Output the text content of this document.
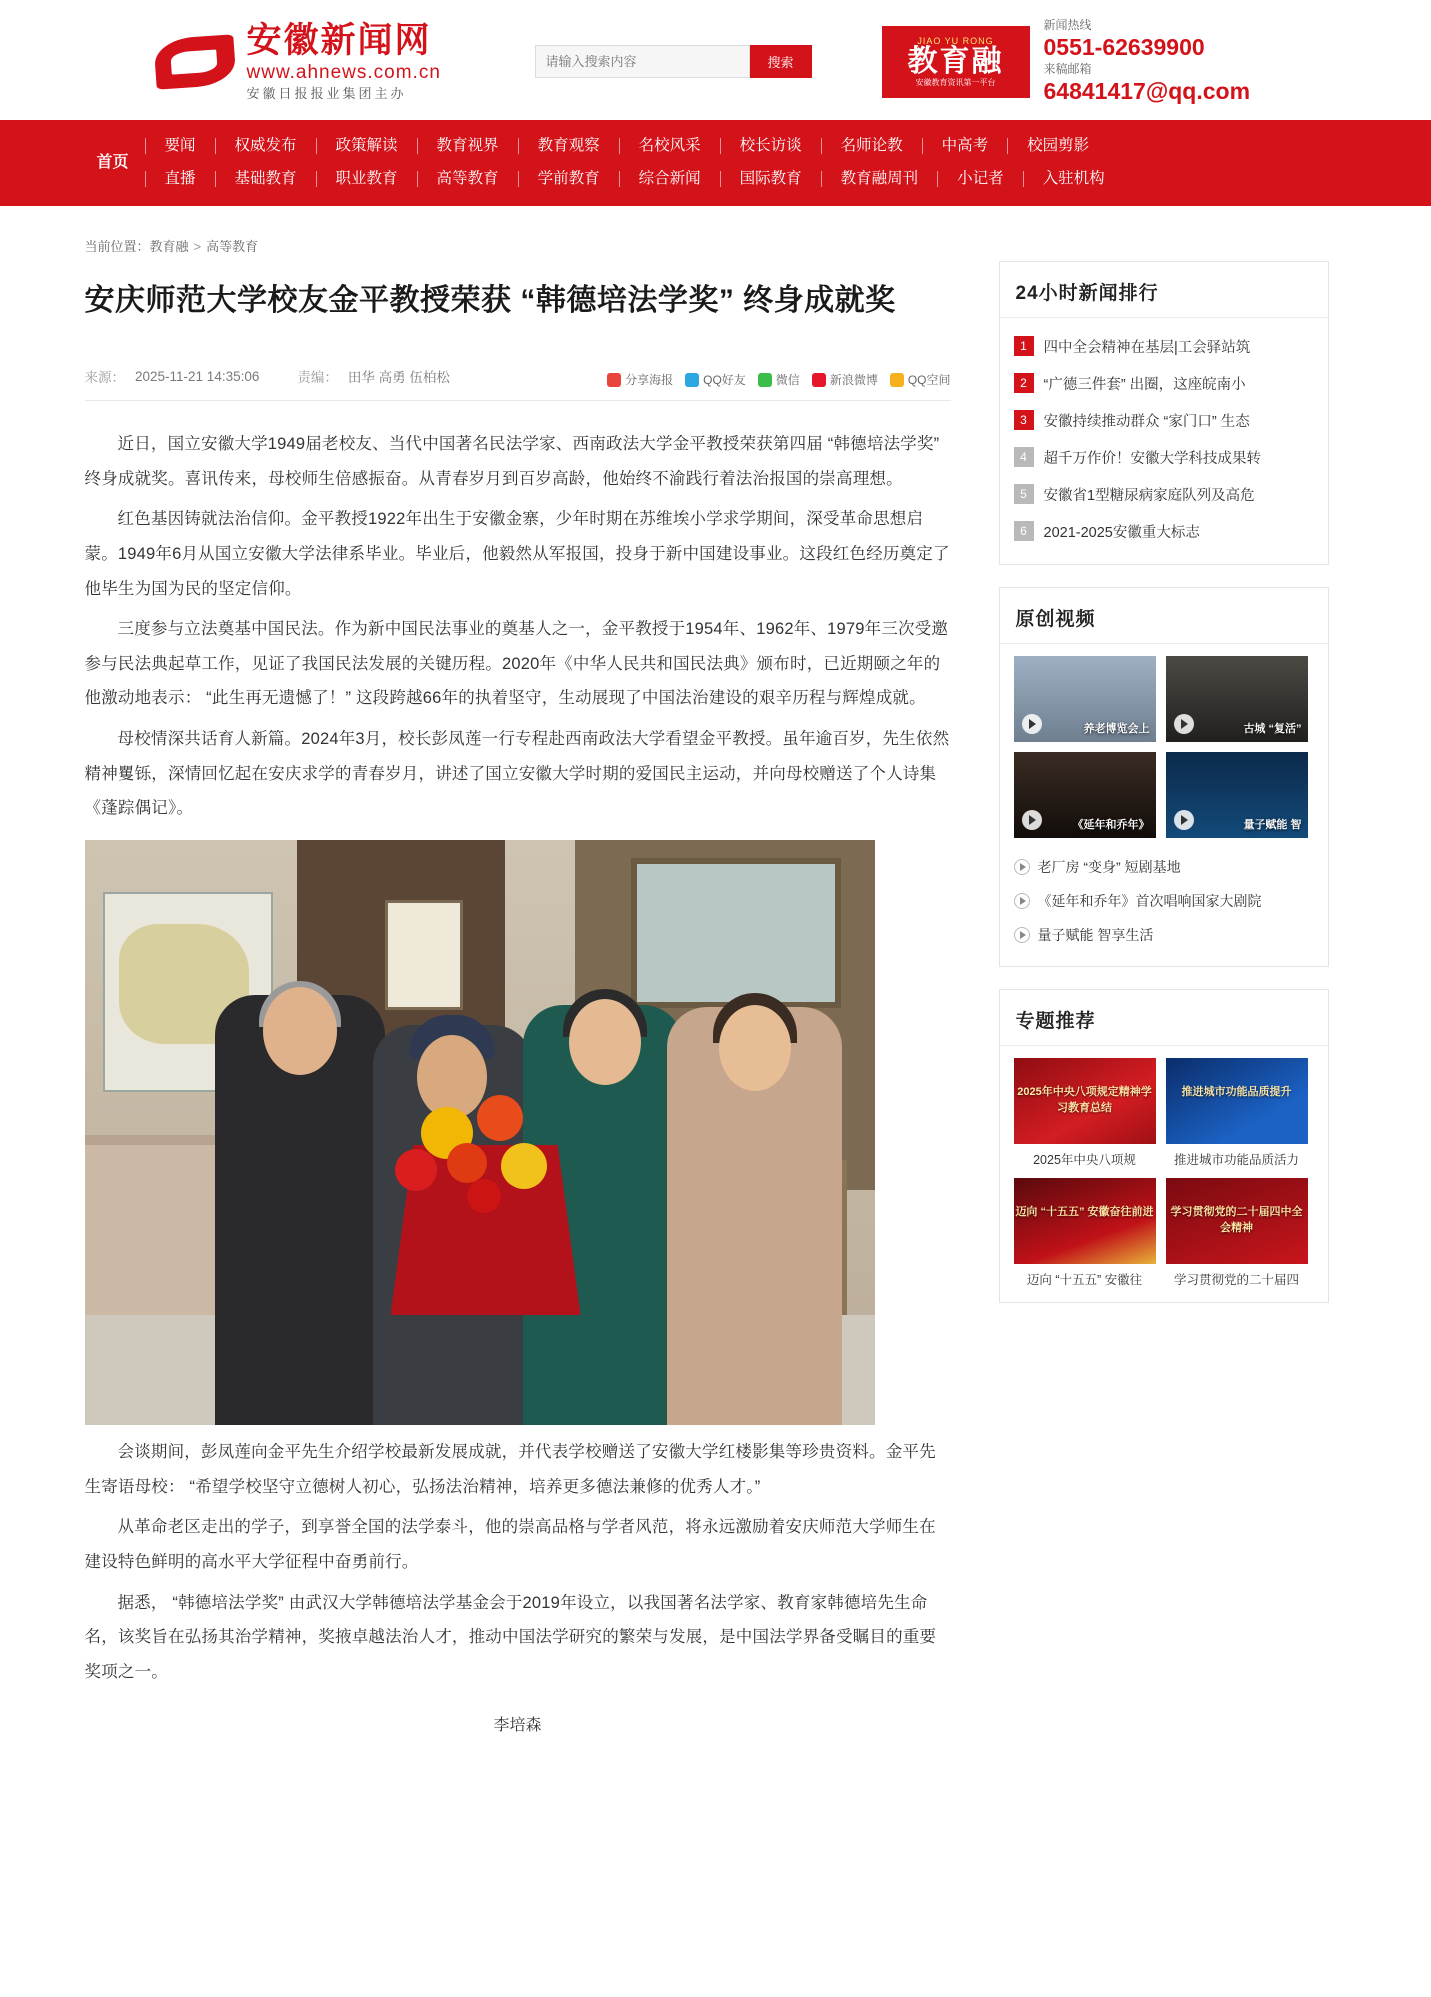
安徽新闻网
www.ahnews.com.cn
安徽日报报业集团主办
请输入搜索内容
搜索
JIAO YU RONG
教育融
安徽教育资讯第一平台
新闻热线
0551-62639900
来稿邮箱
64841417@qq.com
首页
要闻	权威发布	政策解读	教育视界	教育观察	名校风采	校长访谈	名师论教	中高考	校园剪影
直播	基础教育	职业教育	高等教育	学前教育	综合新闻	国际教育	教育融周刊	小记者	入驻机构
当前位置：教育融 > 高等教育
安庆师范大学校友金平教授荣获 “韩德培法学奖” 终身成就奖
来源： 2025-11-21 14:35:06	责编： 田华 高勇 伍柏松	分享海报	QQ好友	微信	新浪微博	QQ空间

近日，国立安徽大学1949届老校友、当代中国著名民法学家、西南政法大学金平教授荣获第四届 “韩德培法学奖” 终身成就奖。喜讯传来，母校师生倍感振奋。从青春岁月到百岁高龄，他始终不渝践行着法治报国的崇高理想。

红色基因铸就法治信仰。金平教授1922年出生于安徽金寨，少年时期在苏维埃小学求学期间，深受革命思想启蒙。1949年6月从国立安徽大学法律系毕业。毕业后，他毅然从军报国，投身于新中国建设事业。这段红色经历奠定了他毕生为国为民的坚定信仰。

三度参与立法奠基中国民法。作为新中国民法事业的奠基人之一，金平教授于1954年、1962年、1979年三次受邀参与民法典起草工作，见证了我国民法发展的关键历程。2020年《中华人民共和国民法典》颁布时，已近期颐之年的他激动地表示： “此生再无遗憾了！” 这段跨越66年的执着坚守，生动展现了中国法治建设的艰辛历程与辉煌成就。

母校情深共话育人新篇。2024年3月，校长彭凤莲一行专程赴西南政法大学看望金平教授。虽年逾百岁，先生依然精神矍铄，深情回忆起在安庆求学的青春岁月，讲述了国立安徽大学时期的爱国民主运动，并向母校赠送了个人诗集《蓬踪偶记》。

会谈期间，彭凤莲向金平先生介绍学校最新发展成就，并代表学校赠送了安徽大学红楼影集等珍贵资料。金平先生寄语母校： “希望学校坚守立德树人初心，弘扬法治精神，培养更多德法兼修的优秀人才。”

从革命老区走出的学子，到享誉全国的法学泰斗，他的崇高品格与学者风范，将永远激励着安庆师范大学师生在建设特色鲜明的高水平大学征程中奋勇前行。

据悉， “韩德培法学奖” 由武汉大学韩德培法学基金会于2019年设立，以我国著名法学家、教育家韩德培先生命名，该奖旨在弘扬其治学精神，奖掖卓越法治人才，推动中国法学研究的繁荣与发展，是中国法学界备受瞩目的重要奖项之一。

李培森
24小时新闻排行
1	四中全会精神在基层|工会驿站筑
2	“广德三件套” 出圈，这座皖南小
3	安徽持续推动群众 “家门口” 生态
4	超千万作价！安徽大学科技成果转
5	安徽省1型糖尿病家庭队列及高危
6	2021-2025安徽重大标志
原创视频
养老博览会上	古城 “复活”
《延年和乔年》	量子赋能 智
老厂房 “变身” 短剧基地
《延年和乔年》首次唱响国家大剧院
量子赋能 智享生活
专题推荐
2025年中央八项规定精神学习教育总结
2025年中央八项规
推进城市功能品质提升
推进城市功能品质活力
迈向 “十五五” 安徽奋往前进
迈向 “十五五” 安徽往
学习贯彻党的二十届四中全会精神
学习贯彻党的二十届四
